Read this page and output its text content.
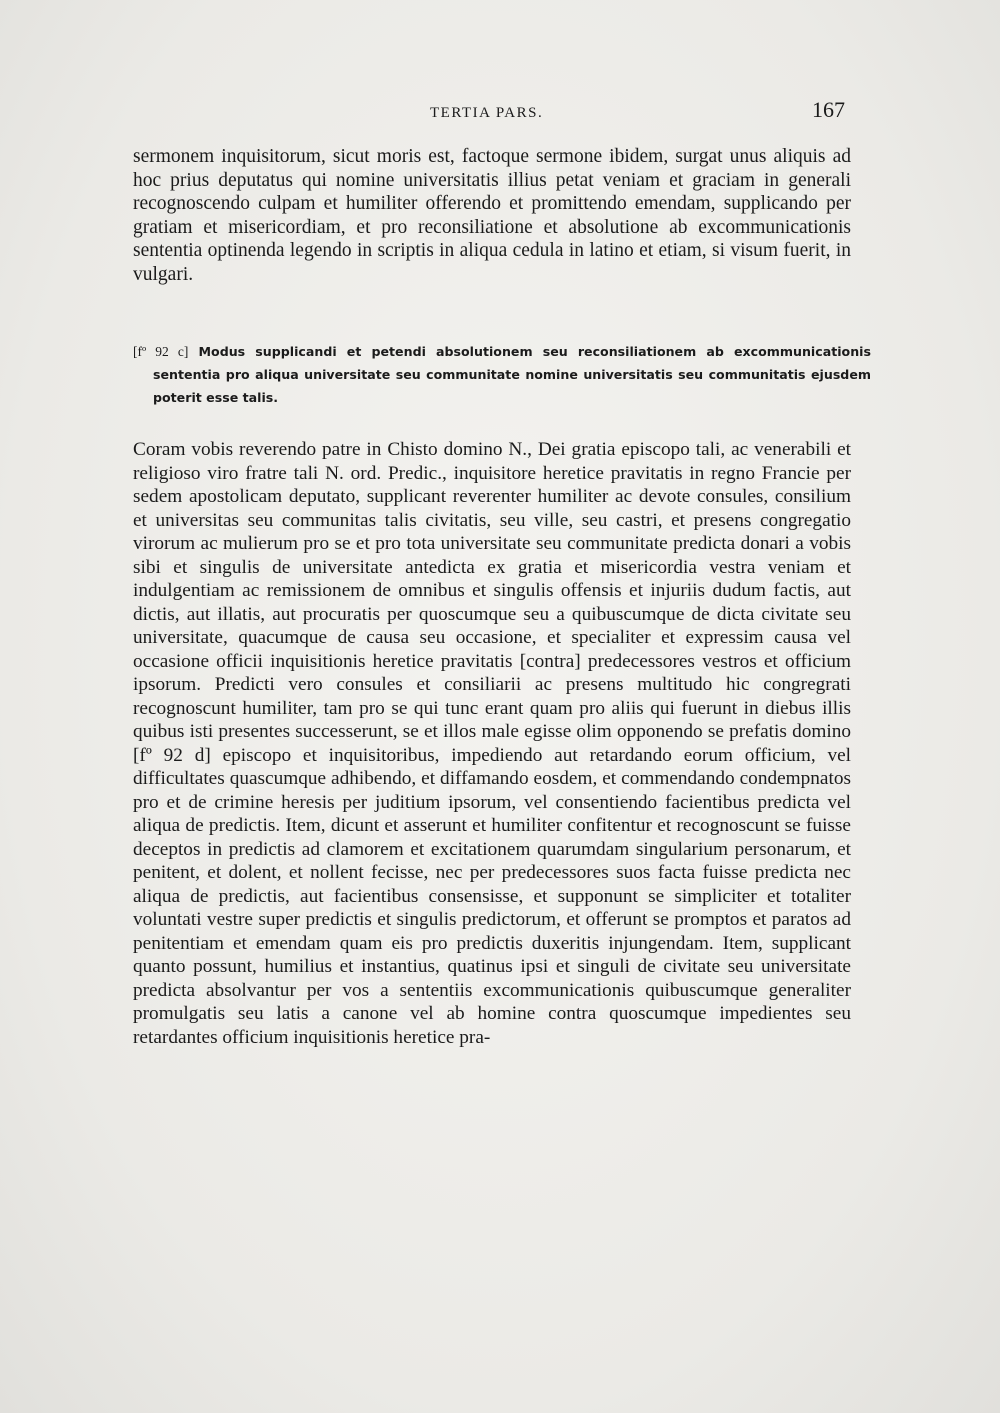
TERTIA PARS.	167

sermonem inquisitorum, sicut moris est, factoque sermone ibidem, surgat unus aliquis ad hoc prius deputatus qui nomine universitatis illius petat veniam et graciam in generali recognoscendo culpam et humiliter offerendo et promittendo emendam, supplicando per gratiam et misericordiam, et pro reconsiliatione et absolutione ab excommunicationis sententia optinenda legendo in scriptis in aliqua cedula in latino et etiam, si visum fuerit, in vulgari.

[fº 92 c] Modus supplicandi et petendi absolutionem seu reconsiliationem ab excommunicationis sententia pro aliqua universitate seu communitate nomine universitatis seu communitatis ejusdem poterit esse talis.

Coram vobis reverendo patre in Chisto domino N., Dei gratia episcopo tali, ac venerabili et religioso viro fratre tali N. ord. Predic., inquisitore heretice pravitatis in regno Francie per sedem apostolicam deputato, supplicant reverenter humiliter ac devote consules, consilium et universitas seu communitas talis civitatis, seu ville, seu castri, et presens congregatio virorum ac mulierum pro se et pro tota universitate seu communitate predicta donari a vobis sibi et singulis de universitate antedicta ex gratia et misericordia vestra veniam et indulgentiam ac remissionem de omnibus et singulis offensis et injuriis dudum factis, aut dictis, aut illatis, aut procuratis per quoscumque seu a quibuscumque de dicta civitate seu universitate, quacumque de causa seu occasione, et specialiter et expressim causa vel occasione officii inquisitionis heretice pravitatis [contra] predecessores vestros et officium ipsorum. Predicti vero consules et consiliarii ac presens multitudo hic congregrati recognoscunt humiliter, tam pro se qui tunc erant quam pro aliis qui fuerunt in diebus illis quibus isti presentes successerunt, se et illos male egisse olim opponendo se prefatis domino [fº 92 d] episcopo et inquisitoribus, impediendo aut retardando eorum officium, vel difficultates quascumque adhibendo, et diffamando eosdem, et commendando condempnatos pro et de crimine heresis per juditium ipsorum, vel consentiendo facientibus predicta vel aliqua de predictis. Item, dicunt et asserunt et humiliter confitentur et recognoscunt se fuisse deceptos in predictis ad clamorem et excitationem quarumdam singularium personarum, et penitent, et dolent, et nollent fecisse, nec per predecessores suos facta fuisse predicta nec aliqua de predictis, aut facientibus consensisse, et supponunt se simpliciter et totaliter voluntati vestre super predictis et singulis predictorum, et offerunt se promptos et paratos ad penitentiam et emendam quam eis pro predictis duxeritis injungendam. Item, supplicant quanto possunt, humilius et instantius, quatinus ipsi et singuli de civitate seu universitate predicta absolvantur per vos a sententiis excommunicationis quibuscumque generaliter promulgatis seu latis a canone vel ab homine contra quoscumque impedientes seu retardantes officium inquisitionis heretice pra-
